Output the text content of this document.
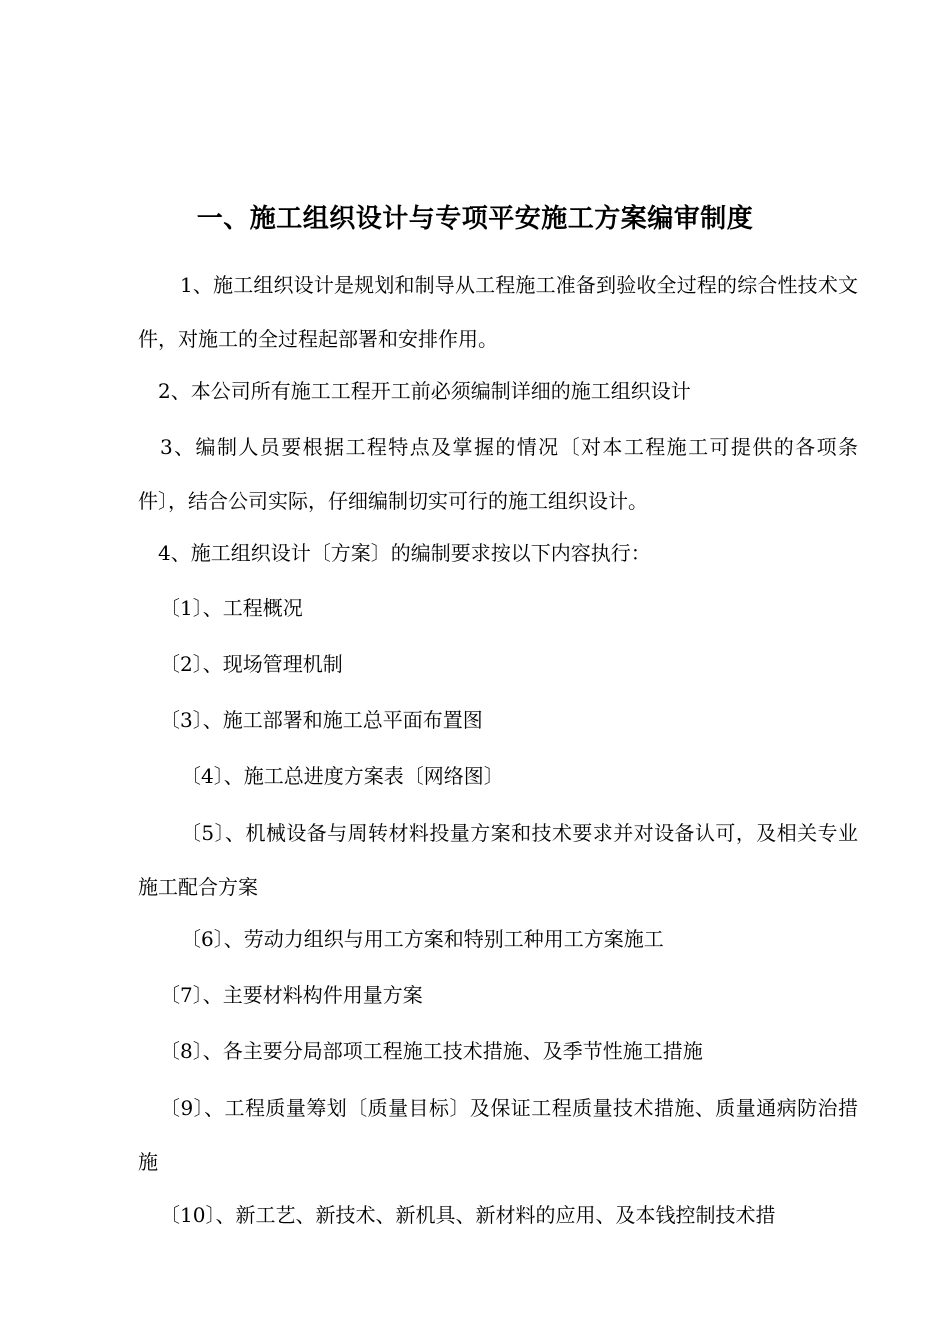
一、施工组织设计与专项平安施工方案编审制度
1、施工组织设计是规划和制导从工程施工准备到验收全过程的综合性技术文件，对施工的全过程起部署和安排作用。
2、本公司所有施工工程开工前必须编制详细的施工组织设计
3、编制人员要根据工程特点及掌握的情况〔对本工程施工可提供的各项条件〕，结合公司实际，仔细编制切实可行的施工组织设计。
4、施工组织设计〔方案〕的编制要求按以下内容执行：
〔1〕、工程概况
〔2〕、现场管理机制
〔3〕、施工部署和施工总平面布置图
〔4〕、施工总进度方案表〔网络图〕
〔5〕、机械设备与周转材料投量方案和技术要求并对设备认可，及相关专业施工配合方案
〔6〕、劳动力组织与用工方案和特别工种用工方案施工
〔7〕、主要材料构件用量方案
〔8〕、各主要分局部项工程施工技术措施、及季节性施工措施
〔9〕、工程质量筹划〔质量目标〕及保证工程质量技术措施、质量通病防治措施
〔10〕、新工艺、新技术、新机具、新材料的应用、及本钱控制技术措
